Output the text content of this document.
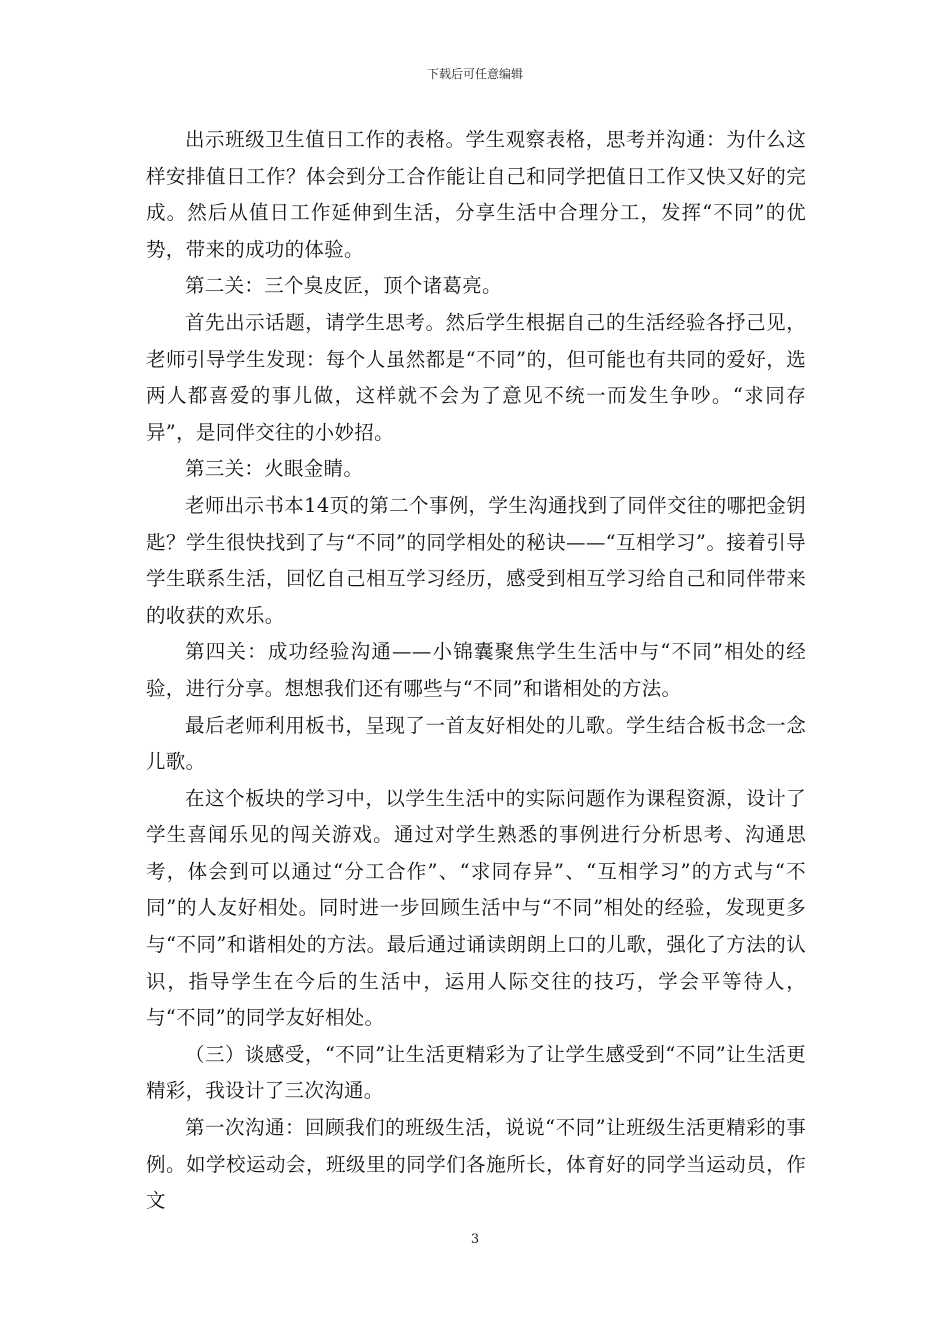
下载后可任意编辑

出示班级卫生值日工作的表格。学生观察表格，思考并沟通：为什么这样安排值日工作？体会到分工合作能让自己和同学把值日工作又快又好的完成。然后从值日工作延伸到生活，分享生活中合理分工，发挥“不同”的优势，带来的成功的体验。

第二关：三个臭皮匠，顶个诸葛亮。

首先出示话题，请学生思考。然后学生根据自己的生活经验各抒己见，老师引导学生发现：每个人虽然都是“不同”的，但可能也有共同的爱好，选两人都喜爱的事儿做，这样就不会为了意见不统一而发生争吵。“求同存异”，是同伴交往的小妙招。

第三关：火眼金睛。

老师出示书本14页的第二个事例，学生沟通找到了同伴交往的哪把金钥匙？学生很快找到了与“不同”的同学相处的秘诀——“互相学习”。接着引导学生联系生活，回忆自己相互学习经历，感受到相互学习给自己和同伴带来的收获的欢乐。

第四关：成功经验沟通——小锦囊聚焦学生生活中与“不同”相处的经验，进行分享。想想我们还有哪些与“不同”和谐相处的方法。

最后老师利用板书，呈现了一首友好相处的儿歌。学生结合板书念一念儿歌。

在这个板块的学习中，以学生生活中的实际问题作为课程资源，设计了学生喜闻乐见的闯关游戏。通过对学生熟悉的事例进行分析思考、沟通思考，体会到可以通过“分工合作”、“求同存异”、“互相学习”的方式与“不同”的人友好相处。同时进一步回顾生活中与“不同”相处的经验，发现更多与“不同”和谐相处的方法。最后通过诵读朗朗上口的儿歌，强化了方法的认识，指导学生在今后的生活中，运用人际交往的技巧，学会平等待人，与“不同”的同学友好相处。

（三）谈感受，“不同”让生活更精彩为了让学生感受到“不同”让生活更精彩，我设计了三次沟通。

第一次沟通：回顾我们的班级生活，说说“不同”让班级生活更精彩的事例。如学校运动会，班级里的同学们各施所长，体育好的同学当运动员，作文

3
